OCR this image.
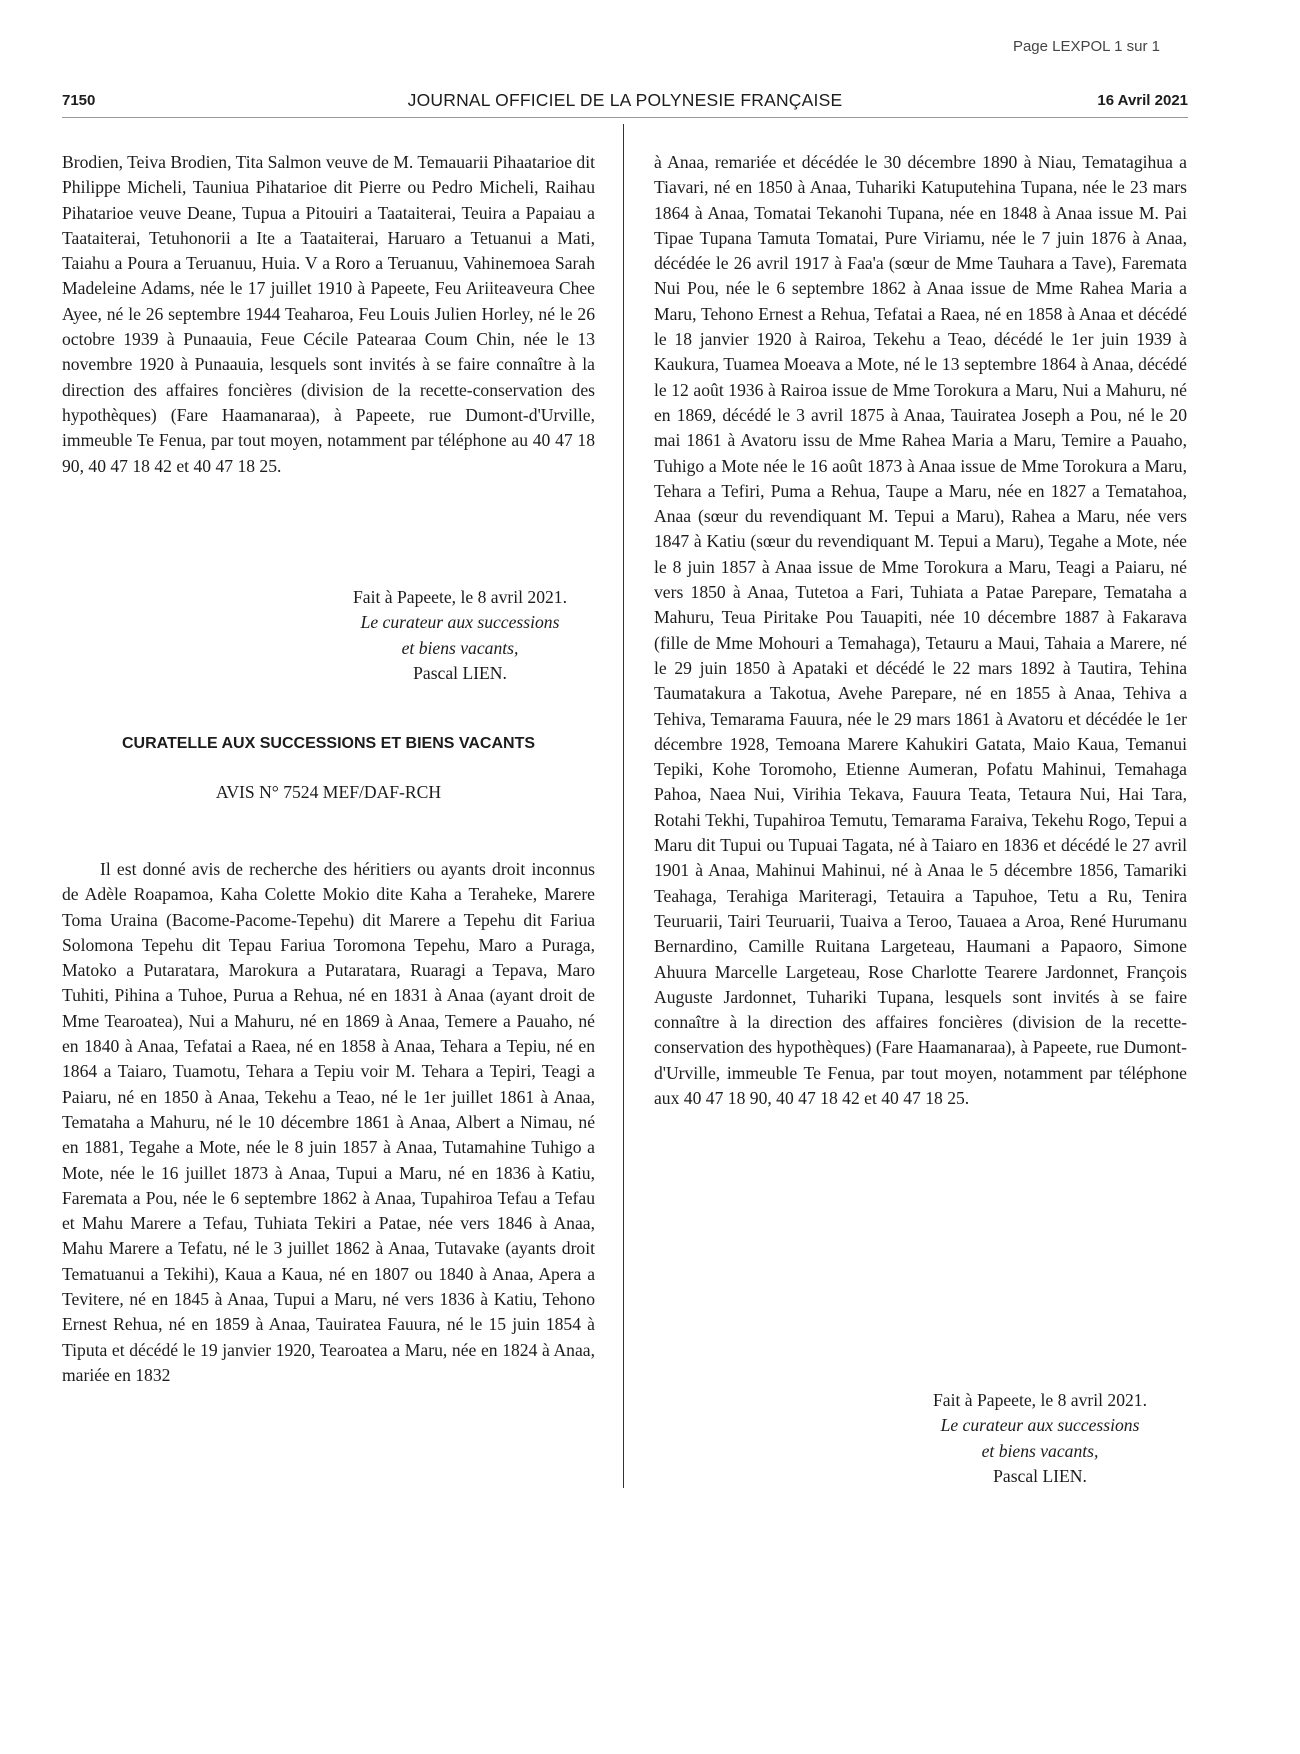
Page LEXPOL 1 sur 1
7150	JOURNAL OFFICIEL DE LA POLYNESIE FRANÇAISE	16 Avril 2021

Brodien, Teiva Brodien, Tita Salmon veuve de M. Temauarii Pihaatarioe dit Philippe Micheli, Tauniua Pihatarioe dit Pierre ou Pedro Micheli, Raihau Pihatarioe veuve Deane, Tupua a Pitouiri a Taataiterai, Teuira a Papaiau a Taataiterai, Tetuhonorii a Ite a Taataiterai, Haruaro a Tetuanui a Mati, Taiahu a Poura a Teruanuu, Huia. V a Roro a Teruanuu, Vahinemoea Sarah Madeleine Adams, née le 17 juillet 1910 à Papeete, Feu Ariiteaveura Chee Ayee, né le 26 septembre 1944 Teaharoa, Feu Louis Julien Horley, né le 26 octobre 1939 à Punaauia, Feue Cécile Patearaa Coum Chin, née le 13 novembre 1920 à Punaauia, lesquels sont invités à se faire connaître à la direction des affaires foncières (division de la recette-conservation des hypothèques) (Fare Haamanaraa), à Papeete, rue Dumont-d'Urville, immeuble Te Fenua, par tout moyen, notamment par téléphone au 40 47 18 90, 40 47 18 42 et 40 47 18 25.

Fait à Papeete, le 8 avril 2021.
Le curateur aux successions
et biens vacants,
Pascal LIEN.
CURATELLE AUX SUCCESSIONS ET BIENS VACANTS
AVIS N° 7524 MEF/DAF-RCH

Il est donné avis de recherche des héritiers ou ayants droit inconnus de Adèle Roapamoa, Kaha Colette Mokio dite Kaha a Teraheke, Marere Toma Uraina (Bacome-Pacome-Tepehu) dit Marere a Tepehu dit Fariua Solomona Tepehu dit Tepau Fariua Toromona Tepehu, Maro a Puraga, Matoko a Putaratara, Marokura a Putaratara, Ruaragi a Tepava, Maro Tuhiti, Pihina a Tuhoe, Purua a Rehua, né en 1831 à Anaa (ayant droit de Mme Tearoatea), Nui a Mahuru, né en 1869 à Anaa, Temere a Pauaho, né en 1840 à Anaa, Tefatai a Raea, né en 1858 à Anaa, Tehara a Tepiu, né en 1864 a Taiaro, Tuamotu, Tehara a Tepiu voir M. Tehara a Tepiri, Teagi a Paiaru, né en 1850 à Anaa, Tekehu a Teao, né le 1er juillet 1861 à Anaa, Temataha a Mahuru, né le 10 décembre 1861 à Anaa, Albert a Nimau, né en 1881, Tegahe a Mote, née le 8 juin 1857 à Anaa, Tutamahine Tuhigo a Mote, née le 16 juillet 1873 à Anaa, Tupui a Maru, né en 1836 à Katiu, Faremata a Pou, née le 6 septembre 1862 à Anaa, Tupahiroa Tefau a Tefau et Mahu Marere a Tefau, Tuhiata Tekiri a Patae, née vers 1846 à Anaa, Mahu Marere a Tefatu, né le 3 juillet 1862 à Anaa, Tutavake (ayants droit Tematuanui a Tekihi), Kaua a Kaua, né en 1807 ou 1840 à Anaa, Apera a Tevitere, né en 1845 à Anaa, Tupui a Maru, né vers 1836 à Katiu, Tehono Ernest Rehua, né en 1859 à Anaa, Tauiratea Fauura, né le 15 juin 1854 à Tiputa et décédé le 19 janvier 1920, Tearoatea a Maru, née en 1824 à Anaa, mariée en 1832

à Anaa, remariée et décédée le 30 décembre 1890 à Niau, Tematagihua a Tiavari, né en 1850 à Anaa, Tuhariki Katuputehina Tupana, née le 23 mars 1864 à Anaa, Tomatai Tekanohi Tupana, née en 1848 à Anaa issue M. Pai Tipae Tupana Tamuta Tomatai, Pure Viriamu, née le 7 juin 1876 à Anaa, décédée le 26 avril 1917 à Faa'a (sœur de Mme Tauhara a Tave), Faremata Nui Pou, née le 6 septembre 1862 à Anaa issue de Mme Rahea Maria a Maru, Tehono Ernest a Rehua, Tefatai a Raea, né en 1858 à Anaa et décédé le 18 janvier 1920 à Rairoa, Tekehu a Teao, décédé le 1er juin 1939 à Kaukura, Tuamea Moeava a Mote, né le 13 septembre 1864 à Anaa, décédé le 12 août 1936 à Rairoa issue de Mme Torokura a Maru, Nui a Mahuru, né en 1869, décédé le 3 avril 1875 à Anaa, Tauiratea Joseph a Pou, né le 20 mai 1861 à Avatoru issu de Mme Rahea Maria a Maru, Temire a Pauaho, Tuhigo a Mote née le 16 août 1873 à Anaa issue de Mme Torokura a Maru, Tehara a Tefiri, Puma a Rehua, Taupe a Maru, née en 1827 a Tematahoa, Anaa (sœur du revendiquant M. Tepui a Maru), Rahea a Maru, née vers 1847 à Katiu (sœur du revendiquant M. Tepui a Maru), Tegahe a Mote, née le 8 juin 1857 à Anaa issue de Mme Torokura a Maru, Teagi a Paiaru, né vers 1850 à Anaa, Tutetoa a Fari, Tuhiata a Patae Parepare, Temataha a Mahuru, Teua Piritake Pou Tauapiti, née 10 décembre 1887 à Fakarava (fille de Mme Mohouri a Temahaga), Tetauru a Maui, Tahaia a Marere, né le 29 juin 1850 à Apataki et décédé le 22 mars 1892 à Tautira, Tehina Taumatakura a Takotua, Avehe Parepare, né en 1855 à Anaa, Tehiva a Tehiva, Temarama Fauura, née le 29 mars 1861 à Avatoru et décédée le 1er décembre 1928, Temoana Marere Kahukiri Gatata, Maio Kaua, Temanui Tepiki, Kohe Toromoho, Etienne Aumeran, Pofatu Mahinui, Temahaga Pahoa, Naea Nui, Virihia Tekava, Fauura Teata, Tetaura Nui, Hai Tara, Rotahi Tekhi, Tupahiroa Temutu, Temarama Faraiva, Tekehu Rogo, Tepui a Maru dit Tupui ou Tupuai Tagata, né à Taiaro en 1836 et décédé le 27 avril 1901 à Anaa, Mahinui Mahinui, né à Anaa le 5 décembre 1856, Tamariki Teahaga, Terahiga Mariteragi, Tetauira a Tapuhoe, Tetu a Ru, Tenira Teuruarii, Tairi Teuruarii, Tuaiva a Teroo, Tauaea a Aroa, René Hurumanu Bernardino, Camille Ruitana Largeteau, Haumani a Papaoro, Simone Ahuura Marcelle Largeteau, Rose Charlotte Tearere Jardonnet, François Auguste Jardonnet, Tuhariki Tupana, lesquels sont invités à se faire connaître à la direction des affaires foncières (division de la recette-conservation des hypothèques) (Fare Haamanaraa), à Papeete, rue Dumont-d'Urville, immeuble Te Fenua, par tout moyen, notamment par téléphone aux 40 47 18 90, 40 47 18 42 et 40 47 18 25.

Fait à Papeete, le 8 avril 2021.
Le curateur aux successions
et biens vacants,
Pascal LIEN.
